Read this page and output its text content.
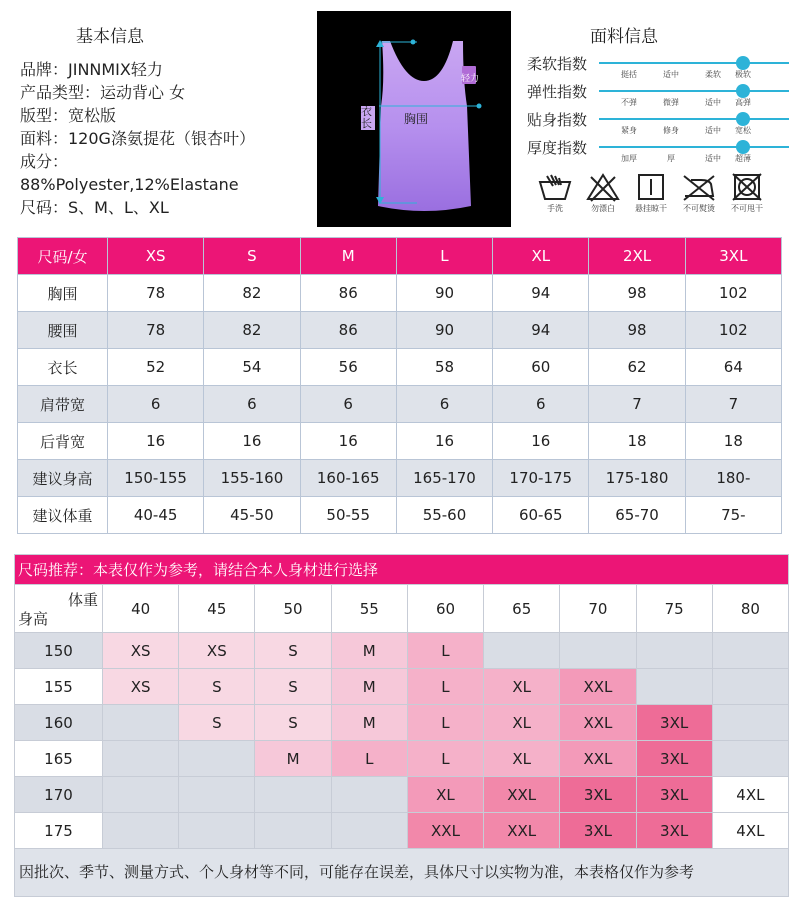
基本信息
品牌：JINNMIX轻力
产品类型：运动背心 女
版型：宽松版
面料：120G涤氨提花（银杏叶）
成分：
88%Polyester,12%Elastane
尺码：S、M、L、XL
衣长	胸围
轻力
面料信息
柔软指数
挺括	适中	柔软	极软
弹性指数
不弹	微弹	适中	高弹
贴身指数
紧身	修身	适中	宽松
厚度指数
加厚	厚	适中	超薄
手洗	勿漂白	悬挂晾干	不可熨烫	不可甩干
尺码/女	XS	S	M	L	XL	2XL	3XL
胸围	78	82	86	90	94	98	102
腰围	78	82	86	90	94	98	102
衣长	52	54	56	58	60	62	64
肩带宽	6	6	6	6	6	7	7
后背宽	16	16	16	16	16	18	18
建议身高	150-155	155-160	160-165	165-170	170-175	175-180	180-
建议体重	40-45	45-50	50-55	55-60	60-65	65-70	75-
尺码推荐：本表仅作为参考，请结合本人身材进行选择									

体重
身高	40	45	50	55	60	65	70	75	80
150	XS	XS	S	M	L				
155	XS	S	S	M	L	XL	XXL		
160		S	S	M	L	XL	XXL	3XL	
165			M	L	L	XL	XXL	3XL	
170					XL	XXL	3XL	3XL	4XL
175					XXL	XXL	3XL	3XL	4XL
因批次、季节、测量方式、个人身材等不同，可能存在误差，具体尺寸以实物为准，本表格仅作为参考									
